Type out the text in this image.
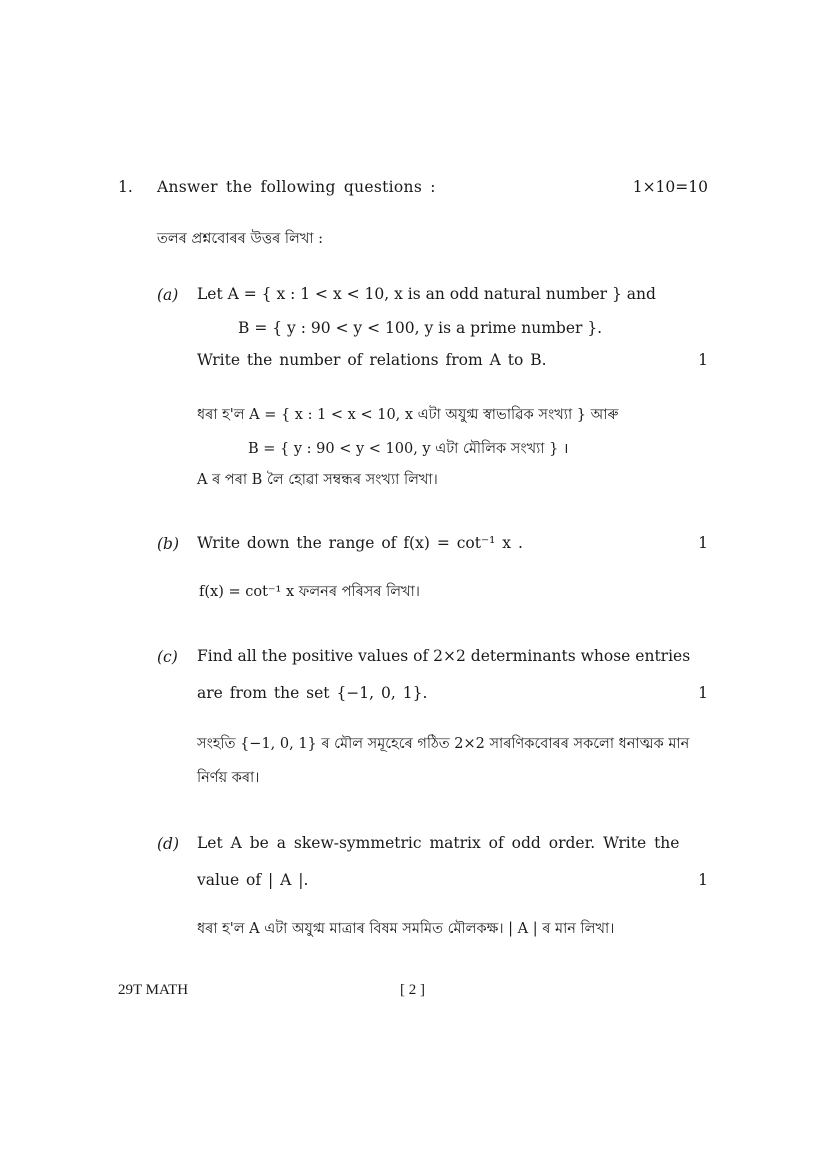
1. Answer the following questions :	1×10=10
তলৰ প্ৰশ্নবোৰৰ উত্তৰ লিখা :
(a) Let A = { x : 1 < x < 10, x is an odd natural number } and
B = { y : 90 < y < 100, y is a prime number }.
Write the number of relations from A to B.	1
ধৰা হ'ল A = { x : 1 < x < 10, x এটা অযুগ্ম স্বাভাৱিক সংখ্যা } আৰু
B = { y : 90 < y < 100, y এটা মৌলিক সংখ্যা } ।
A ৰ পৰা B লৈ হোৱা সম্বন্ধৰ সংখ্যা লিখা।
(b) Write down the range of f(x) = cot⁻¹ x .	1
f(x) = cot⁻¹ x ফলনৰ পৰিসৰ লিখা।
(c) Find all the positive values of 2×2 determinants whose entries
are from the set {−1, 0, 1}.	1
সংহতি {−1, 0, 1} ৰ মৌল সমূহেৰে গঠিত 2×2 সাৰণিকবোৰৰ সকলো ধনাত্মক মান
নিৰ্ণয় কৰা।
(d) Let A be a skew-symmetric matrix of odd order. Write the
value of | A |.	1
ধৰা হ'ল A এটা অযুগ্ম মাত্ৰাৰ বিষম সমমিত মৌলকক্ষ। | A | ৰ মান লিখা।
29T MATH	[ 2 ]
